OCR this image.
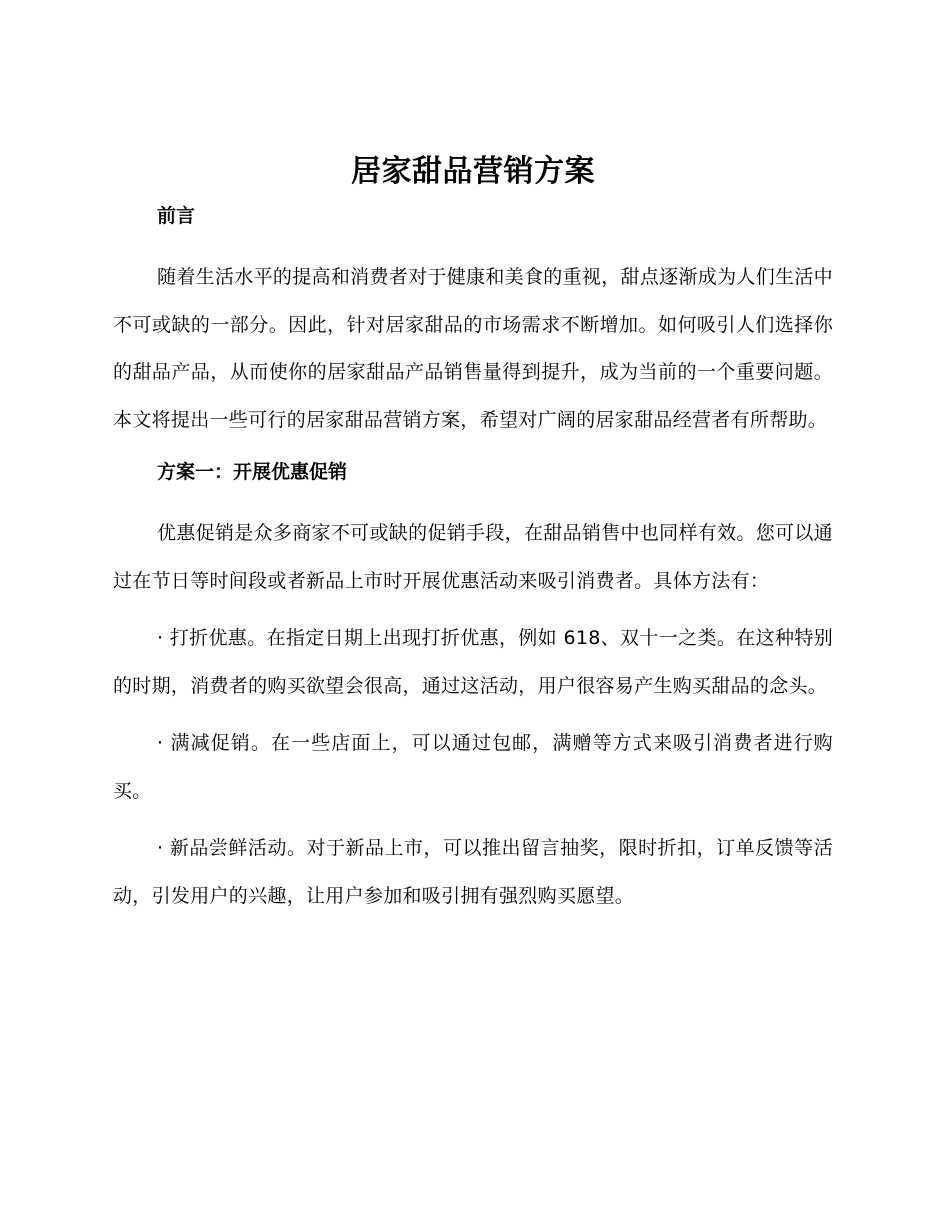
居家甜品营销方案
前言

随着生活水平的提高和消费者对于健康和美食的重视，甜点逐渐成为人们生活中不可或缺的一部分。因此，针对居家甜品的市场需求不断增加。如何吸引人们选择你的甜品产品，从而使你的居家甜品产品销售量得到提升，成为当前的一个重要问题。本文将提出一些可行的居家甜品营销方案，希望对广阔的居家甜品经营者有所帮助。

方案一：开展优惠促销

优惠促销是众多商家不可或缺的促销手段，在甜品销售中也同样有效。您可以通过在节日等时间段或者新品上市时开展优惠活动来吸引消费者。具体方法有：

· 打折优惠。在指定日期上出现打折优惠，例如 618、双十一之类。在这种特别的时期，消费者的购买欲望会很高，通过这活动，用户很容易产生购买甜品的念头。

· 满减促销。在一些店面上，可以通过包邮，满赠等方式来吸引消费者进行购买。

· 新品尝鲜活动。对于新品上市，可以推出留言抽奖，限时折扣，订单反馈等活动，引发用户的兴趣，让用户参加和吸引拥有强烈购买愿望。
